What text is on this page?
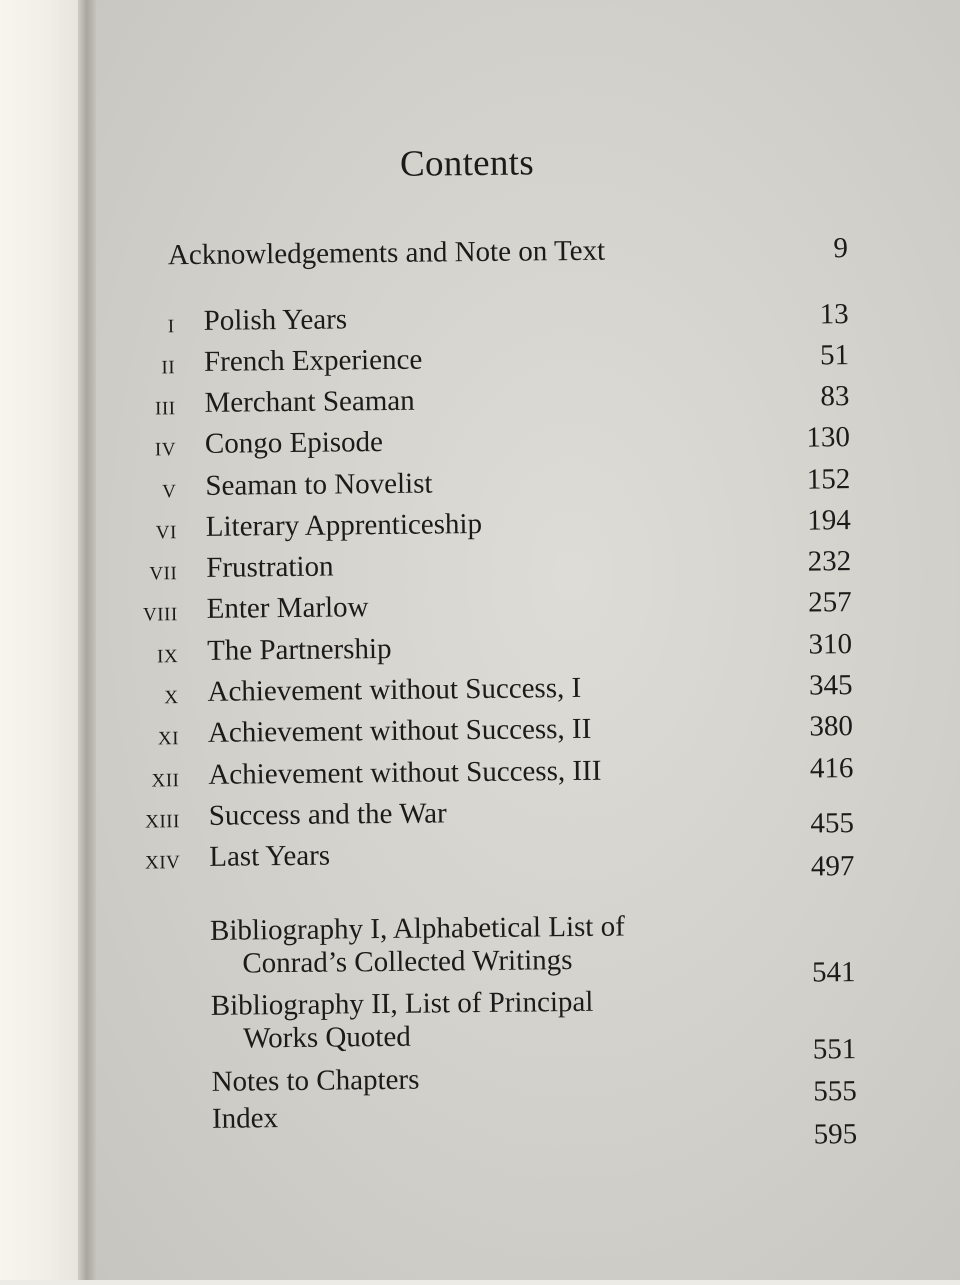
Contents
Acknowledgements and Note on Text	9
I Polish Years	13
II French Experience	51
III Merchant Seaman	83
IV Congo Episode	130
V Seaman to Novelist	152
VI Literary Apprenticeship	194
VII Frustration	232
VIII Enter Marlow	257
IX The Partnership	310
X Achievement without Success, I	345
XI Achievement without Success, II	380
XII Achievement without Success, III	416
XIII Success and the War	455
XIV Last Years	497
Bibliography I, Alphabetical List of
Conrad’s Collected Writings	541
Bibliography II, List of Principal
Works Quoted	551
Notes to Chapters	555
Index	595
